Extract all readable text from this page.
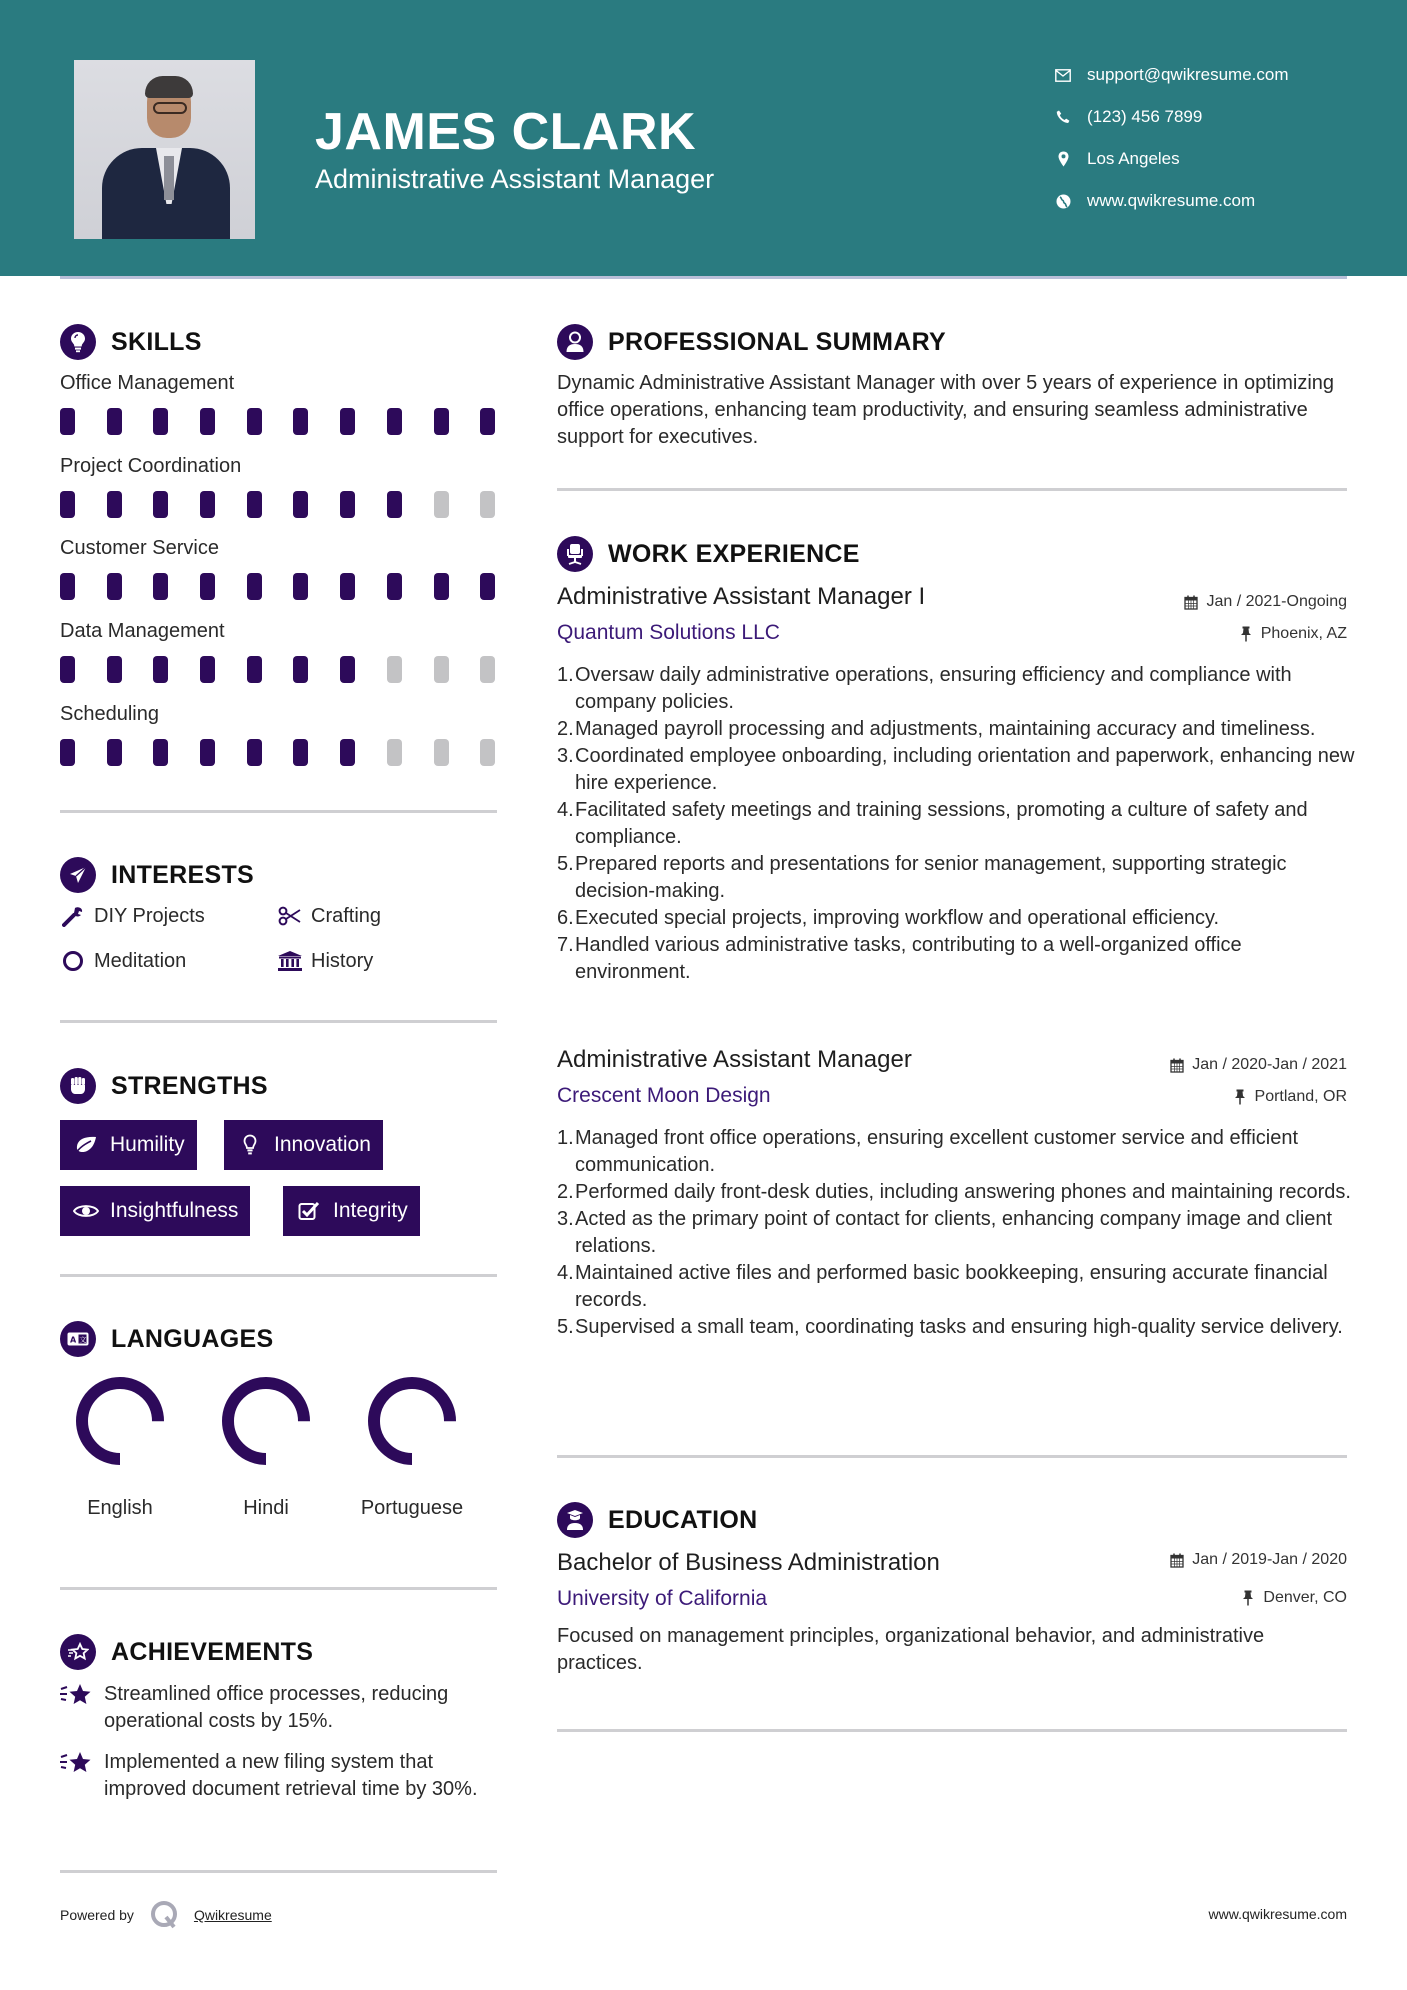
JAMES CLARK
Administrative Assistant Manager
support@qwikresume.com
(123) 456 7899
Los Angeles
www.qwikresume.com
SKILLS
Office Management
Project Coordination
Customer Service
Data Management
Scheduling
INTERESTS
DIY Projects	Crafting
Meditation	History
STRENGTHS
Humility	Innovation
Insightfulness	Integrity
A 文 LANGUAGES
English	Hindi	Portuguese
ACHIEVEMENTS
Streamlined office processes, reducing operational costs by 15%.
Implemented a new filing system that improved document retrieval time by 30%.
PROFESSIONAL SUMMARY
Dynamic Administrative Assistant Manager with over 5 years of experience in optimizing office operations, enhancing team productivity, and ensuring seamless administrative support for executives.
WORK EXPERIENCE
Administrative Assistant Manager I	Jan / 2021-Ongoing
Quantum Solutions LLC	Phoenix, AZ
Oversaw daily administrative operations, ensuring efficiency and compliance with company policies.
Managed payroll processing and adjustments, maintaining accuracy and timeliness.
Coordinated employee onboarding, including orientation and paperwork, enhancing new hire experience.
Facilitated safety meetings and training sessions, promoting a culture of safety and compliance.
Prepared reports and presentations for senior management, supporting strategic decision-making.
Executed special projects, improving workflow and operational efficiency.
Handled various administrative tasks, contributing to a well-organized office environment.
Administrative Assistant Manager	Jan / 2020-Jan / 2021
Crescent Moon Design	Portland, OR
Managed front office operations, ensuring excellent customer service and efficient communication.
Performed daily front-desk duties, including answering phones and maintaining records.
Acted as the primary point of contact for clients, enhancing company image and client relations.
Maintained active files and performed basic bookkeeping, ensuring accurate financial records.
Supervised a small team, coordinating tasks and ensuring high-quality service delivery.
EDUCATION
Bachelor of Business Administration	Jan / 2019-Jan / 2020
University of California	Denver, CO
Focused on management principles, organizational behavior, and administrative practices.
Powered by	Qwikresume	www.qwikresume.com
